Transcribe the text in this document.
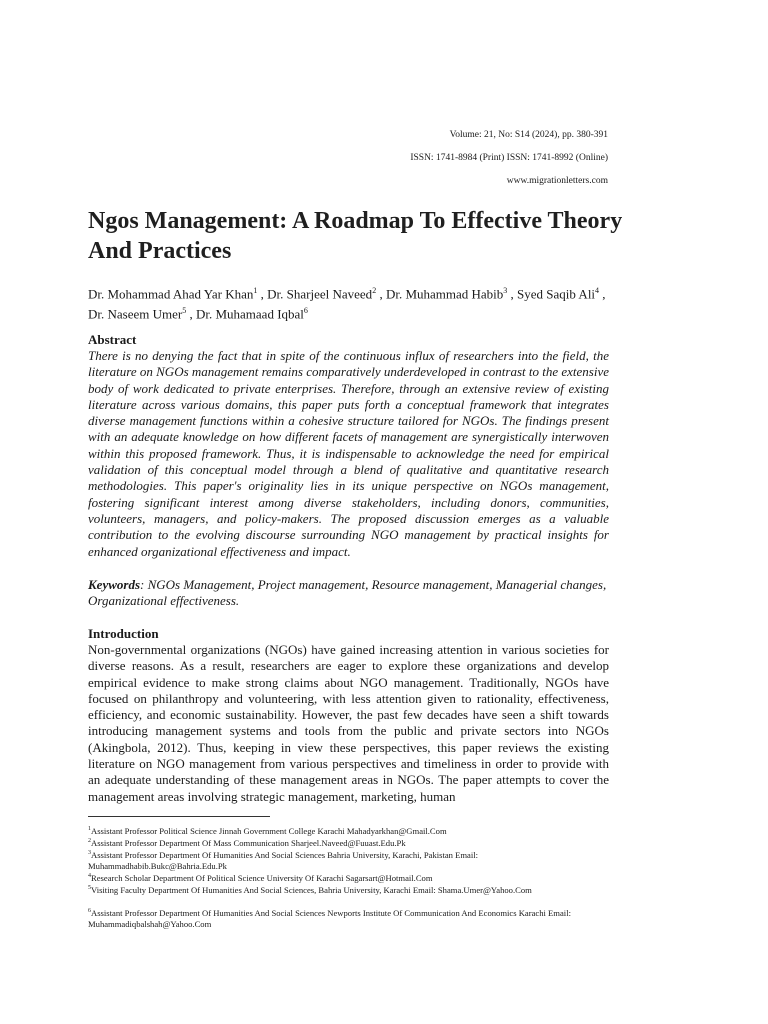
Volume: 21, No: S14 (2024), pp. 380-391
ISSN: 1741-8984 (Print) ISSN: 1741-8992 (Online)
www.migrationletters.com
Ngos Management: A Roadmap To Effective Theory And Practices
Dr. Mohammad Ahad Yar Khan$^1$ , Dr. Sharjeel Naveed$^2$ , Dr. Muhammad Habib$^3$ , Syed Saqib Ali$^4$ , Dr. Naseem Umer$^5$ , Dr. Muhamaad Iqbal$^6$
Abstract

There is no denying the fact that in spite of the continuous influx of researchers into the field, the literature on NGOs management remains comparatively underdeveloped in contrast to the extensive body of work dedicated to private enterprises. Therefore, through an extensive review of existing literature across various domains, this paper puts forth a conceptual framework that integrates diverse management functions within a cohesive structure tailored for NGOs. The findings present with an adequate knowledge on how different facets of management are synergistically interwoven within this proposed framework. Thus, it is indispensable to acknowledge the need for empirical validation of this conceptual model through a blend of qualitative and quantitative research methodologies. This paper's originality lies in its unique perspective on NGOs management, fostering significant interest among diverse stakeholders, including donors, communities, volunteers, managers, and policy-makers. The proposed discussion emerges as a valuable contribution to the evolving discourse surrounding NGO management by practical insights for enhanced organizational effectiveness and impact.

Keywords: NGOs Management, Project management, Resource management, Managerial changes, Organizational effectiveness.

Introduction

Non-governmental organizations (NGOs) have gained increasing attention in various societies for diverse reasons. As a result, researchers are eager to explore these organizations and develop empirical evidence to make strong claims about NGO management. Traditionally, NGOs have focused on philanthropy and volunteering, with less attention given to rationality, effectiveness, efficiency, and economic sustainability. However, the past few decades have seen a shift towards introducing management systems and tools from the public and private sectors into NGOs (Akingbola, 2012). Thus, keeping in view these perspectives, this paper reviews the existing literature on NGO management from various perspectives and timeliness in order to provide with an adequate understanding of these management areas in NGOs. The paper attempts to cover the management areas involving strategic management, marketing, human

$^1$Assistant Professor Political Science Jinnah Government College Karachi Mahadyarkhan@Gmail.Com

$^2$Assistant Professor Department Of Mass Communication Sharjeel.Naveed@Fuuast.Edu.Pk

$^3$Assistant Professor Department Of Humanities And Social Sciences Bahria University, Karachi, Pakistan Email: Muhammadhabib.Bukc@Bahria.Edu.Pk

$^4$Research Scholar Department Of Political Science University Of Karachi Sagarsart@Hotmail.Com

$^5$Visiting Faculty Department Of Humanities And Social Sciences, Bahria University, Karachi Email: Shama.Umer@Yahoo.Com

$^6$Assistant Professor Department Of Humanities And Social Sciences Newports Institute Of Communication And Economics Karachi Email: Muhammadiqbalshah@Yahoo.Com
